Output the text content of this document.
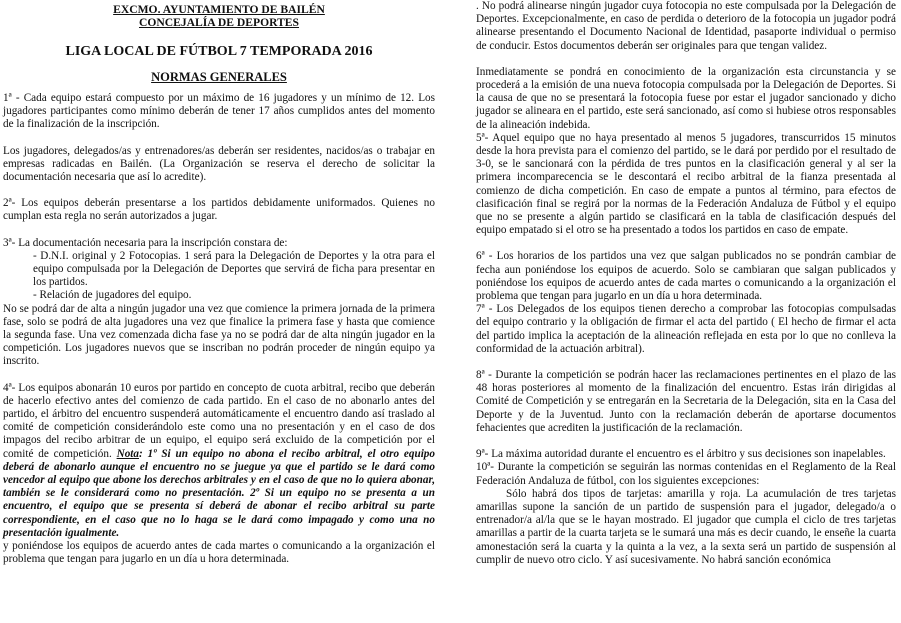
EXCMO. AYUNTAMIENTO DE BAILÉN
CONCEJALÍA DE DEPORTES
LIGA LOCAL DE FÚTBOL 7 TEMPORADA 2016
NORMAS GENERALES

1ª - Cada equipo estará compuesto por un máximo de 16 jugadores y un mínimo de 12. Los jugadores participantes como mínimo deberán de tener 17 años cumplidos antes del momento de la finalización de la inscripción.

Los jugadores, delegados/as y entrenadores/as deberán ser residentes, nacidos/as o trabajar en empresas radicadas en Bailén. (La Organización se reserva el derecho de solicitar la documentación necesaria que así lo acredite).

2ª- Los equipos deberán presentarse a los partidos debidamente uniformados. Quienes no cumplan esta regla no serán autorizados a jugar.

3ª- La documentación necesaria para la inscripción constara de:

- D.N.I. original y 2 Fotocopias. 1 será para la Delegación de Deportes y la otra para el equipo compulsada por la Delegación de Deportes que servirá de ficha para presentar en los partidos.

- Relación de jugadores del equipo.

No se podrá dar de alta a ningún jugador una vez que comience la primera jornada de la primera fase, solo se podrá de alta jugadores una vez que finalice la primera fase y hasta que comience la segunda fase. Una vez comenzada dicha fase ya no se podrá dar de alta ningún jugador en la competición. Los jugadores nuevos que se inscriban no podrán proceder de ningún equipo ya inscrito.

4ª- Los equipos abonarán 10 euros por partido en concepto de cuota arbitral, recibo que deberán de hacerlo efectivo antes del comienzo de cada partido. En el caso de no abonarlo antes del partido, el árbitro del encuentro suspenderá automáticamente el encuentro dando así traslado al comité de competición considerándolo este como una no presentación y en el caso de dos impagos del recibo arbitrar de un equipo, el equipo será excluido de la competición por el comité de competición. Nota: 1º Si un equipo no abona el recibo arbitral, el otro equipo deberá de abonarlo aunque el encuentro no se juegue ya que el partido se le dará como vencedor al equipo que abone los derechos arbitrales y en el caso de que no lo quiera abonar, también se le considerará como no presentación. 2º Si un equipo no se presenta a un encuentro, el equipo que se presenta sí deberá de abonar el recibo arbitral su parte correspondiente, en el caso que no lo haga se le dará como impagado y como una no presentación igualmente.

y poniéndose los equipos de acuerdo antes de cada martes o comunicando a la organización el problema que tengan para jugarlo en un día u hora determinada.

. No podrá alinearse ningún jugador cuya fotocopia no este compulsada por la Delegación de Deportes. Excepcionalmente, en caso de perdida o deterioro de la fotocopia un jugador podrá alinearse presentando el Documento Nacional de Identidad, pasaporte individual o permiso de conducir. Estos documentos deberán ser originales para que tengan validez.

Inmediatamente se pondrá en conocimiento de la organización esta circunstancia y se procederá a la emisión de una nueva fotocopia compulsada por la Delegación de Deportes. Si la causa de que no se presentará la fotocopia fuese por estar el jugador sancionado y dicho jugador se alineara en el partido, este será sancionado, así como si hubiese otros responsables de la alineación indebida.

5ª- Aquel equipo que no haya presentado al menos 5 jugadores, transcurridos 15 minutos desde la hora prevista para el comienzo del partido, se le dará por perdido por el resultado de 3-0, se le sancionará con la pérdida de tres puntos en la clasificación general y al ser la primera incomparecencia se le descontará el recibo arbitral de la fianza presentada al comienzo de dicha competición. En caso de empate a puntos al término, para efectos de clasificación final se regirá por la normas de la Federación Andaluza de Fútbol y el equipo que no se presente a algún partido se clasificará en la tabla de clasificación después del equipo empatado si el otro se ha presentado a todos los partidos en caso de empate.

6ª - Los horarios de los partidos una vez que salgan publicados no se pondrán cambiar de fecha aun poniéndose los equipos de acuerdo. Solo se cambiaran que salgan publicados y poniéndose los equipos de acuerdo antes de cada martes o comunicando a la organización el problema que tengan para jugarlo en un día u hora determinada.

7ª - Los Delegados de los equipos tienen derecho a comprobar las fotocopias compulsadas del equipo contrario y la obligación de firmar el acta del partido ( El hecho de firmar el acta del partido implica la aceptación de la alineación reflejada en esta por lo que no conlleva la conformidad de la actuación arbitral).

8ª - Durante la competición se podrán hacer las reclamaciones pertinentes en el plazo de las 48 horas posteriores al momento de la finalización del encuentro. Estas irán dirigidas al Comité de Competición y se entregarán en la Secretaria de la Delegación, sita en la Casa del Deporte y de la Juventud. Junto con la reclamación deberán de aportarse documentos fehacientes que acrediten la justificación de la reclamación.

9ª- La máxima autoridad durante el encuentro es el árbitro y sus decisiones son inapelables.

10ª- Durante la competición se seguirán las normas contenidas en el Reglamento de la Real Federación Andaluza de fútbol, con los siguientes excepciones:

Sólo habrá dos tipos de tarjetas: amarilla y roja. La acumulación de tres tarjetas amarillas supone la sanción de un partido de suspensión para el jugador, delegado/a o entrenador/a al/la que se le hayan mostrado. El jugador que cumpla el ciclo de tres tarjetas amarillas a partir de la cuarta tarjeta se le sumará una más es decir cuando, le enseñe la cuarta amonestación será la cuarta y la quinta a la vez, a la sexta será un partido de suspensión al cumplir de nuevo otro ciclo. Y así sucesivamente. No habrá sanción económica
